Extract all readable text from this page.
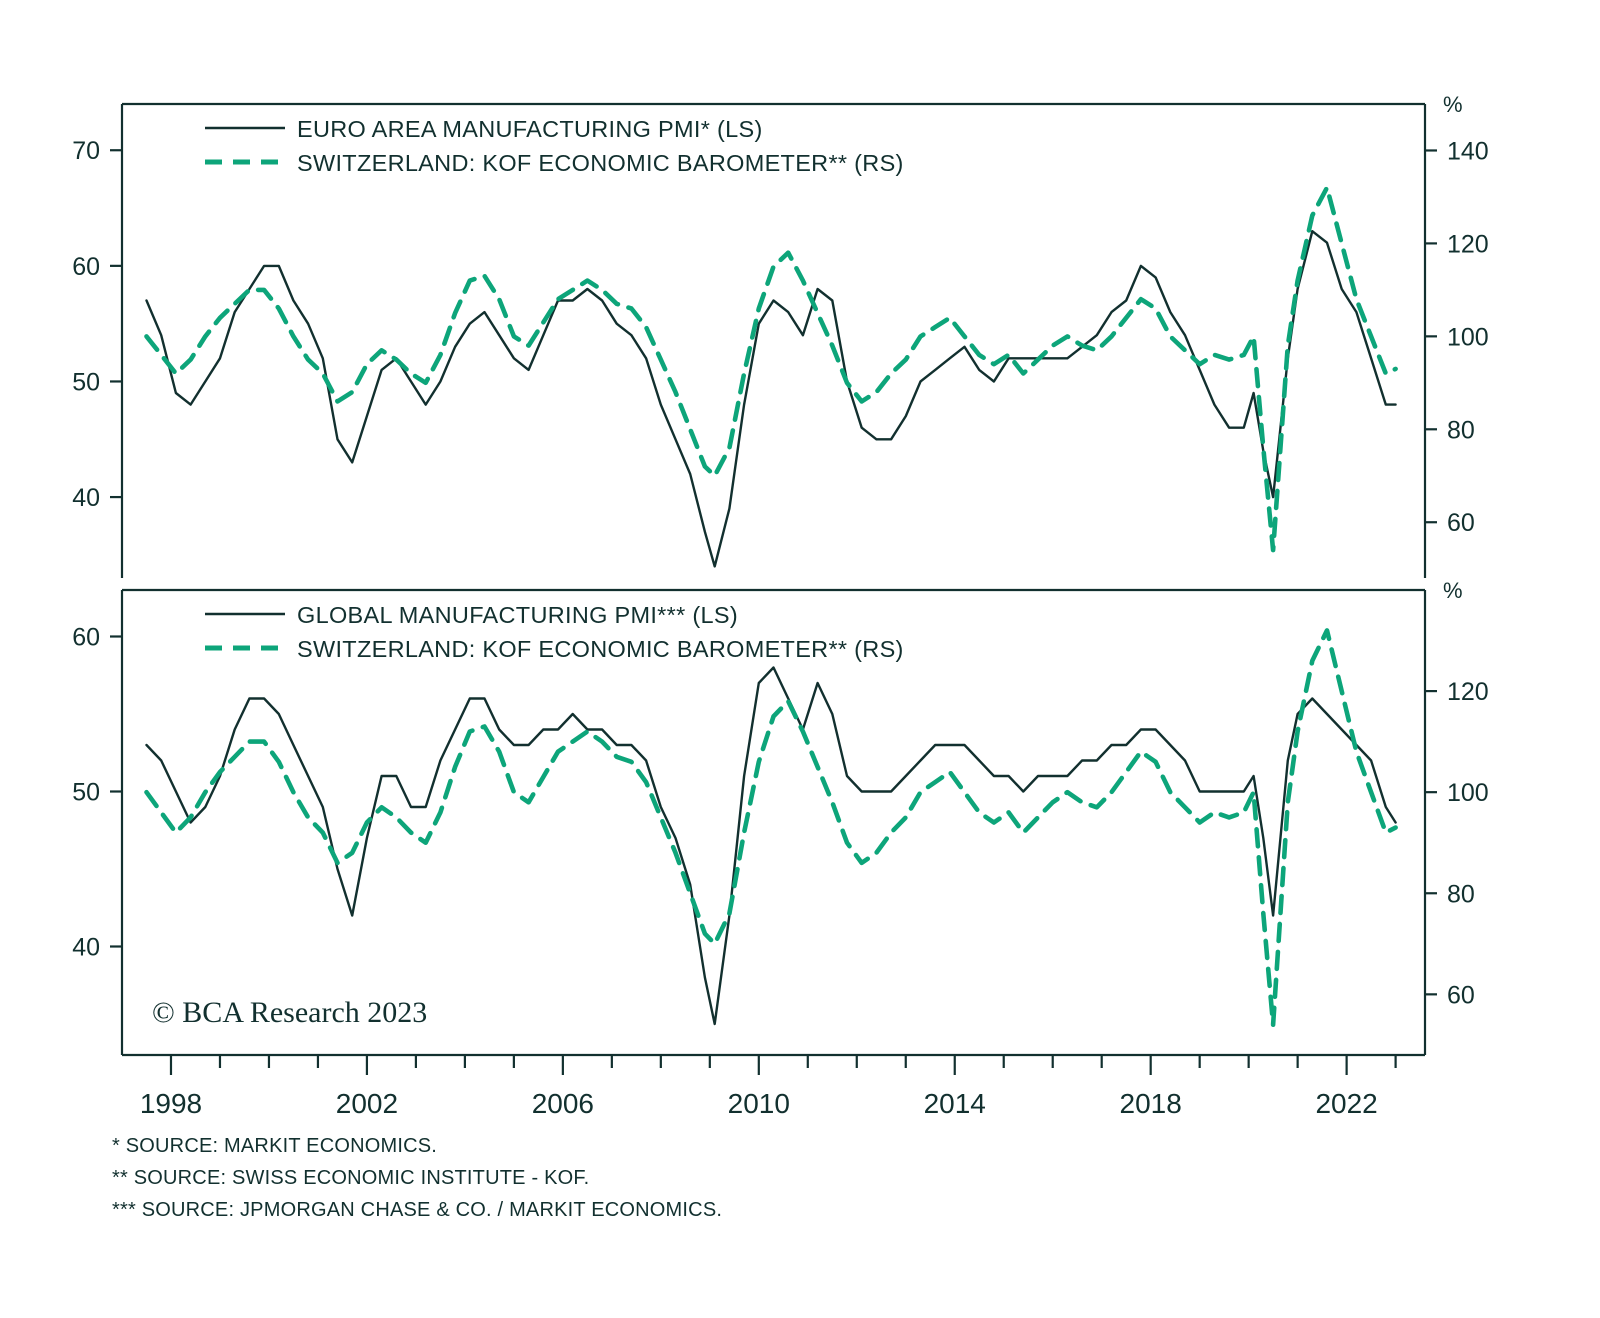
40
50
60
70
60
80
100
120
140
%
EURO AREA MANUFACTURING PMI* (LS)
SWITZERLAND: KOF ECONOMIC BAROMETER** (RS)
40
50
60
60
80
100
120
%
GLOBAL MANUFACTURING PMI*** (LS)
SWITZERLAND: KOF ECONOMIC BAROMETER** (RS)
1998	2002	2006	2010	2014	2018	2022
© BCA Research 2023
* SOURCE: MARKIT ECONOMICS.
** SOURCE: SWISS ECONOMIC INSTITUTE - KOF.
*** SOURCE: JPMORGAN CHASE & CO. / MARKIT ECONOMICS.
